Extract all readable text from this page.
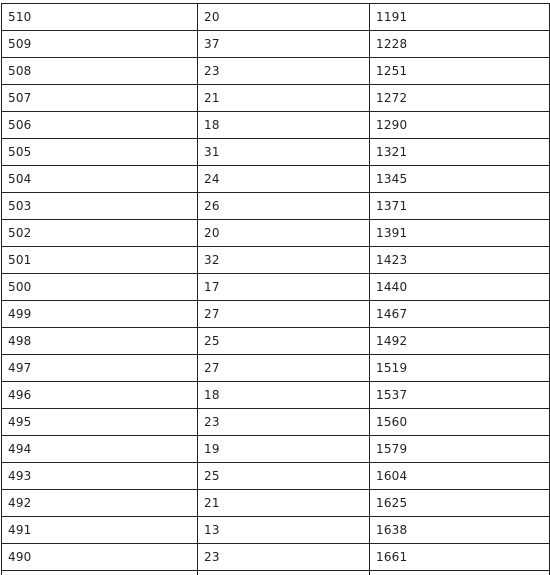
510	20	1191
509	37	1228
508	23	1251
507	21	1272
506	18	1290
505	31	1321
504	24	1345
503	26	1371
502	20	1391
501	32	1423
500	17	1440
499	27	1467
498	25	1492
497	27	1519
496	18	1537
495	23	1560
494	19	1579
493	25	1604
492	21	1625
491	13	1638
490	23	1661
